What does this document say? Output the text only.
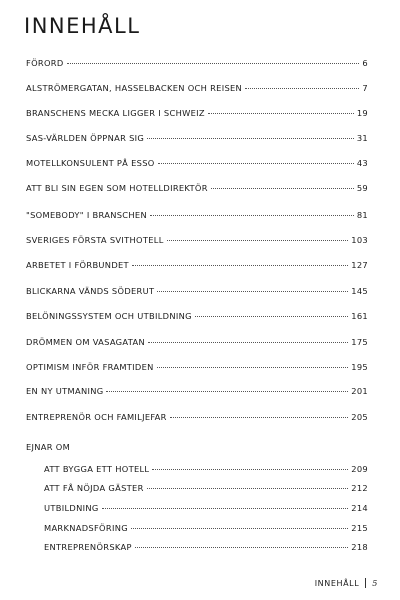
INNEHÅLL
EJNAR OM
FÖRORD	6
ALSTRÖMERGATAN, HASSELBACKEN OCH REISEN	7
BRANSCHENS MECKA LIGGER I SCHWEIZ	19
SAS-VÄRLDEN ÖPPNAR SIG	31
MOTELLKONSULENT PÅ ESSO	43
ATT BLI SIN EGEN SOM HOTELLDIREKTÖR	59
"SOMEBODY" I BRANSCHEN	81
SVERIGES FÖRSTA SVITHOTELL	103
ARBETET I FÖRBUNDET	127
BLICKARNA VÄNDS SÖDERUT	145
BELÖNINGSSYSTEM OCH UTBILDNING	161
DRÖMMEN OM VASAGATAN	175
OPTIMISM INFÖR FRAMTIDEN	195
EN NY UTMANING	201
ENTREPRENÖR OCH FAMILJEFAR	205
ATT BYGGA ETT HOTELL	209
ATT FÅ NÖJDA GÄSTER	212
UTBILDNING	214
MARKNADSFÖRING	215
ENTREPRENÖRSKAP	218
INNEHÅLL 5
